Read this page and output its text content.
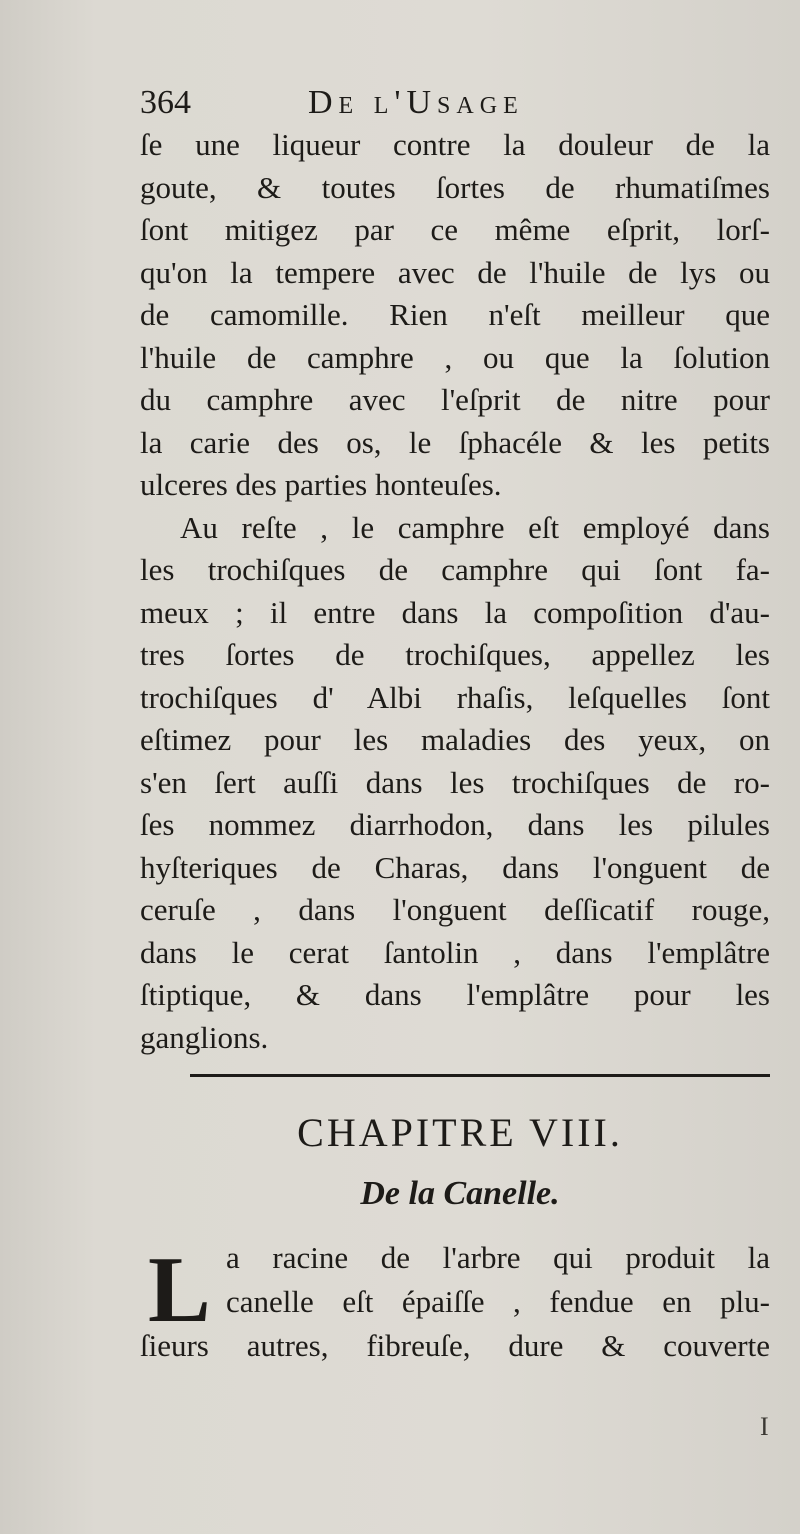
364	De l'Usage
ſe une liqueur contre la douleur de la
goute, & toutes ſortes de rhumatiſmes
ſont mitigez par ce même eſprit, lorſ-
qu'on la tempere avec de l'huile de lys ou
de camomille. Rien n'eſt meilleur que
l'huile de camphre , ou que la ſolution
du camphre avec l'eſprit de nitre pour
la carie des os, le ſphacéle & les petits
ulceres des parties honteuſes.
Au reſte , le camphre eſt employé dans
les trochiſques de camphre qui ſont fa-
meux ; il entre dans la compoſition d'au-
tres ſortes de trochiſques, appellez les
trochiſques d' Albi rhaſis, leſquelles ſont
eſtimez pour les maladies des yeux, on
s'en ſert auſſi dans les trochiſques de ro-
ſes nommez diarrhodon, dans les pilules
hyſteriques de Charas, dans l'onguent de
ceruſe , dans l'onguent deſſicatif rouge,
dans le cerat ſantolin , dans l'emplâtre
ſtiptique, & dans l'emplâtre pour les
ganglions.
CHAPITRE VIII.
De la Canelle.
L a racine de l'arbre qui produit la
canelle eſt épaiſſe , fendue en plu-
ſieurs autres, fibreuſe, dure & couverte
I
